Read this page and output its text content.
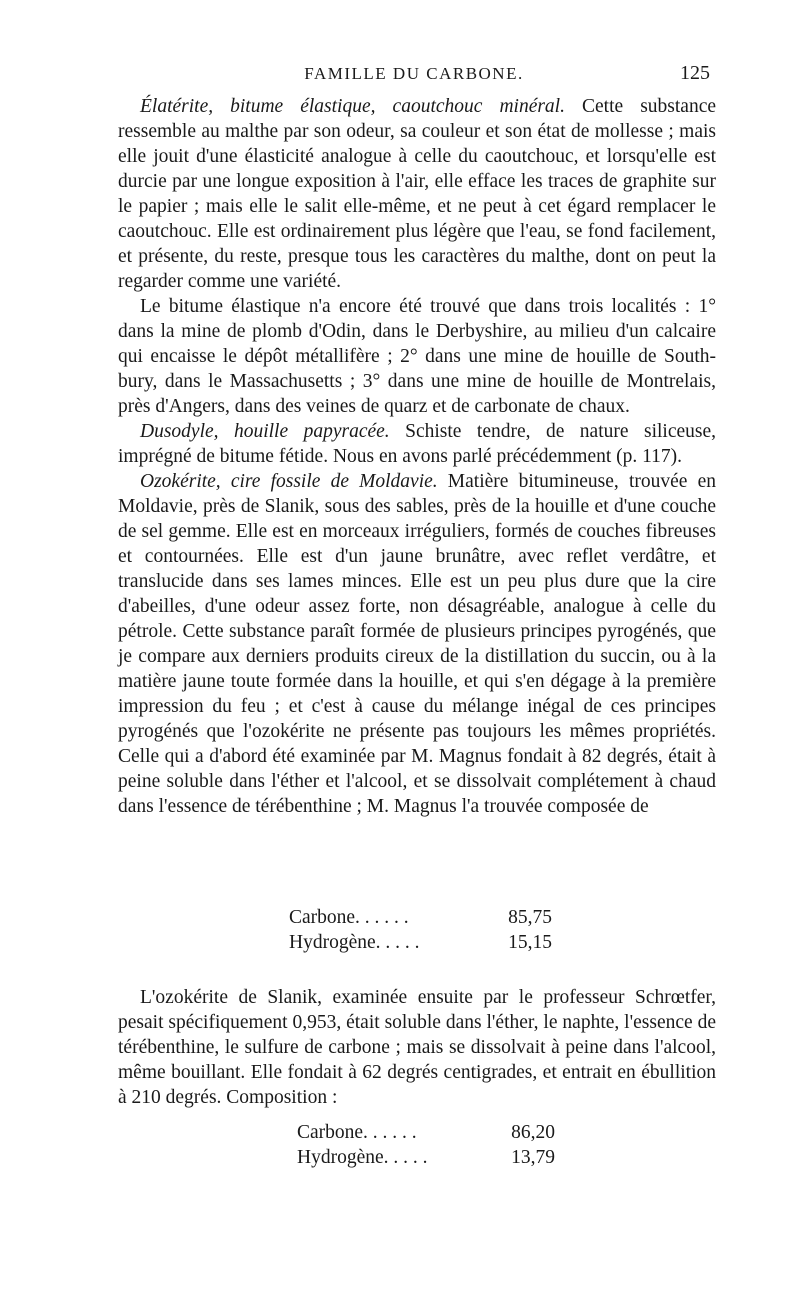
FAMILLE DU CARBONE.	125

Élatérite, bitume élastique, caoutchouc minéral. Cette substance ressemble au malthe par son odeur, sa couleur et son état de mollesse ; mais elle jouit d'une élasticité analogue à celle du caoutchouc, et lorsqu'elle est durcie par une longue exposition à l'air, elle efface les traces de graphite sur le papier ; mais elle le salit elle-même, et ne peut à cet égard remplacer le caoutchouc. Elle est ordinairement plus légère que l'eau, se fond facilement, et présente, du reste, presque tous les caractères du malthe, dont on peut la regarder comme une variété.

Le bitume élastique n'a encore été trouvé que dans trois localités : 1° dans la mine de plomb d'Odin, dans le Derbyshire, au milieu d'un calcaire qui encaisse le dépôt métallifère ; 2° dans une mine de houille de South-bury, dans le Massachusetts ; 3° dans une mine de houille de Montrelais, près d'Angers, dans des veines de quarz et de carbonate de chaux.

Dusodyle, houille papyracée. Schiste tendre, de nature siliceuse, imprégné de bitume fétide. Nous en avons parlé précédemment (p. 117).

Ozokérite, cire fossile de Moldavie. Matière bitumineuse, trouvée en Moldavie, près de Slanik, sous des sables, près de la houille et d'une couche de sel gemme. Elle est en morceaux irréguliers, formés de couches fibreuses et contournées. Elle est d'un jaune brunâtre, avec reflet verdâtre, et translucide dans ses lames minces. Elle est un peu plus dure que la cire d'abeilles, d'une odeur assez forte, non désagréable, analogue à celle du pétrole. Cette substance paraît formée de plusieurs principes pyrogénés, que je compare aux derniers produits cireux de la distillation du succin, ou à la matière jaune toute formée dans la houille, et qui s'en dégage à la première impression du feu ; et c'est à cause du mélange inégal de ces principes pyrogénés que l'ozokérite ne présente pas toujours les mêmes propriétés. Celle qui a d'abord été examinée par M. Magnus fondait à 82 degrés, était à peine soluble dans l'éther et l'alcool, et se dissolvait complétement à chaud dans l'essence de térébenthine ; M. Magnus l'a trouvée composée de

Carbone. . . . . .	85,75
Hydrogène. . . . .	15,15

L'ozokérite de Slanik, examinée ensuite par le professeur Schrœtfer, pesait spécifiquement 0,953, était soluble dans l'éther, le naphte, l'essence de térébenthine, le sulfure de carbone ; mais se dissolvait à peine dans l'alcool, même bouillant. Elle fondait à 62 degrés centigrades, et entrait en ébullition à 210 degrés. Composition :

Carbone. . . . . .	86,20
Hydrogène. . . . .	13,79
